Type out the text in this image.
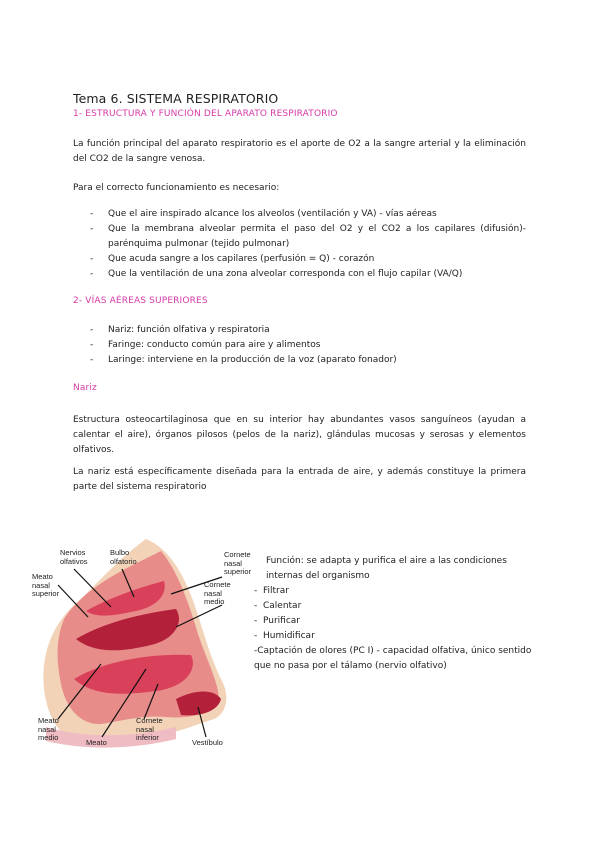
Tema 6. SISTEMA RESPIRATORIO
1- ESTRUCTURA Y FUNCIÓN DEL APARATO RESPIRATORIO

La función principal del aparato respiratorio es el aporte de O2 a la sangre arterial y la eliminación del CO2 de la sangre venosa.

Para el correcto funcionamiento es necesario:

- Que el aire inspirado alcance los alveolos (ventilación y VA) - vías aéreas
- Que la membrana alveolar permita el paso del O2 y el CO2 a los capilares (difusión)- parénquima pulmonar (tejido pulmonar)
- Que acuda sangre a los capilares (perfusión = Q) - corazón
- Que la ventilación de una zona alveolar corresponda con el flujo capilar (VA/Q)
2- VÍAS AÉREAS SUPERIORES
- Nariz: función olfativa y respiratoria
- Faringe: conducto común para aire y alimentos
- Laringe: interviene en la producción de la voz (aparato fonador)
Nariz

Estructura osteocartilaginosa que en su interior hay abundantes vasos sanguíneos (ayudan a calentar el aire), órganos pilosos (pelos de la nariz), glándulas mucosas y serosas y elementos olfativos.

La nariz está específicamente diseñada para la entrada de aire, y además constituye la primera parte del sistema respiratorio

Nervios
olfativos
Bulbo
olfatorio
Cornete
nasal
superior
Meato
nasal
superior
Cornete
nasal
medio
Meato
nasal
medio
Meato
Cornete
nasal
inferior
Vestíbulo
Función: se adapta y purifica el aire a las condiciones
internas del organismo
-  Filtrar
-  Calentar
-  Purificar
-  Humidificar
-Captación de olores (PC I) - capacidad olfativa, único sentido que no pasa por el tálamo (nervio olfativo)
